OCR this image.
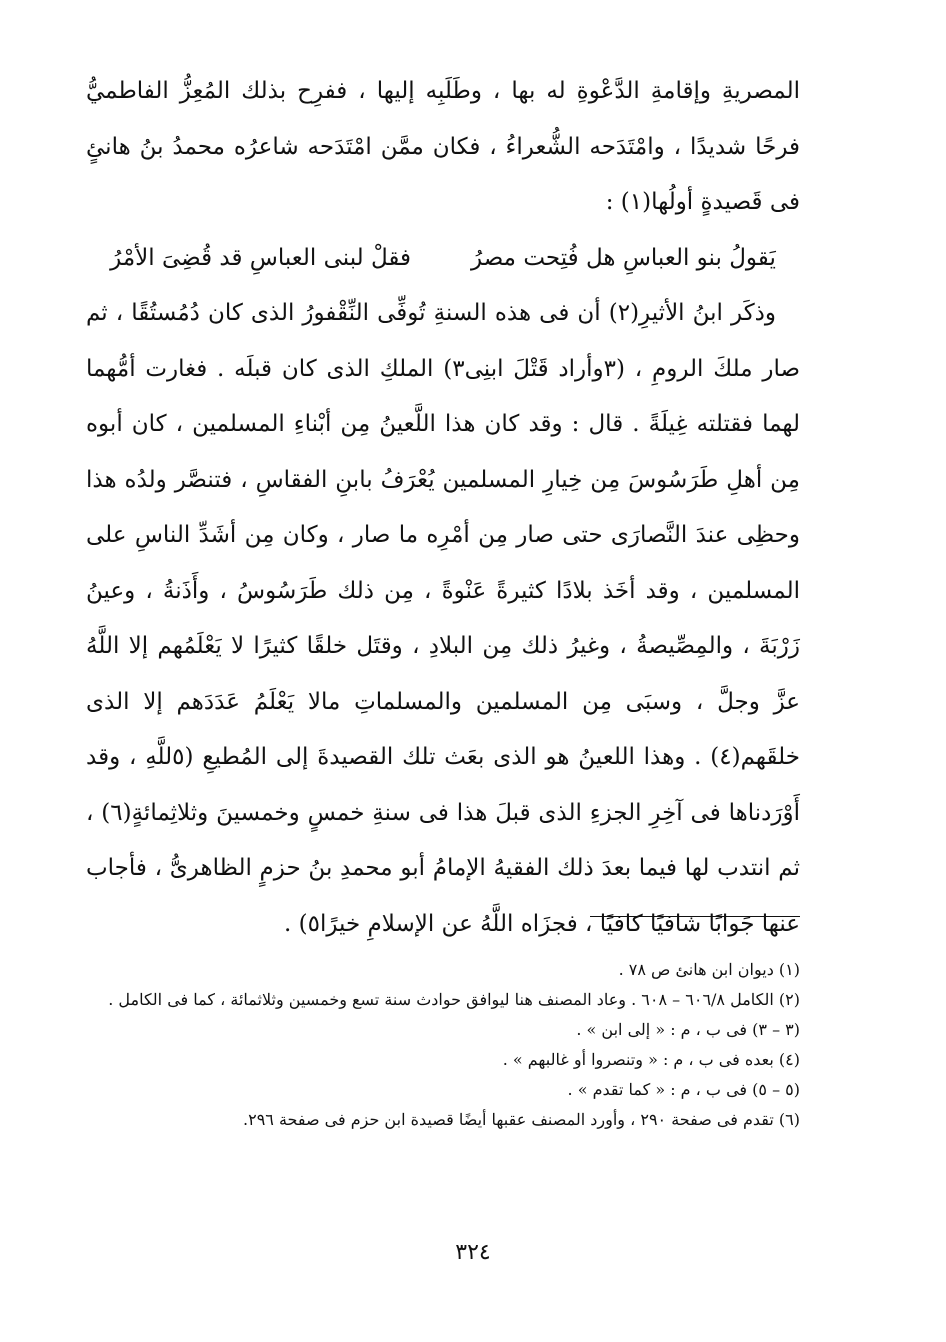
المصريةِ وإقامةِ الدَّعْوةِ له بها ، وطَلَبِه إليها ، ففرِح بذلك المُعِزُّ الفاطميُّ فرحًا شديدًا ، وامْتَدَحه الشُّعراءُ ، فكان ممَّن امْتَدَحه شاعرُه محمدُ بنُ هانئٍ فى قَصيدةٍ أولُها(١) :

يَقولُ بنو العباسِ هل فُتِحت مصرُ
فقلْ لبنى العباسِ قد قُضِىَ الأمْرُ

وذكَر ابنُ الأثيرِ(٢) أن فى هذه السنةِ تُوفِّى النِّقْفورُ الذى كان دُمُستُقًا ، ثم صار ملكَ الرومِ ، (٣وأراد قَتْلَ ابنِى٣) الملكِ الذى كان قبلَه . فغارت أمُّهما لهما فقتلته غِيلَةً . قال : وقد كان هذا اللَّعينُ مِن أبْناءِ المسلمين ، كان أبوه مِن أهلِ طَرَسُوسَ مِن خِيارِ المسلمين يُعْرَفُ بابنِ الفقاسِ ، فتنصَّر ولدُه هذا وحظِى عندَ النَّصارَى حتى صار مِن أمْرِه ما صار ، وكان مِن أشَدِّ الناسِ على المسلمين ، وقد أخَذ بلادًا كثيرةً عَنْوةً ، مِن ذلك طَرَسُوسُ ، وأَذَنةُ ، وعينُ زَرْبَةَ ، والمِصِّيصةُ ، وغيرُ ذلك مِن البلادِ ، وقتَل خلقًا كثيرًا لا يَعْلَمُهم إلا اللَّهُ عزَّ وجلَّ ، وسبَى مِن المسلمين والمسلماتِ مالا يَعْلَمُ عَدَدَهم إلا الذى خلقَهم(٤) . وهذا اللعينُ هو الذى بعَث تلك القصيدةَ إلى المُطيعِ (٥للَّهِ ، وقد أَوْرَدناها فى آخِرِ الجزءِ الذى قبلَ هذا فى سنةِ خمسٍ وخمسينَ وثلاثِمائةٍ(٦) ، ثم انتدب لها فيما بعدَ ذلك الفقيهُ الإمامُ أبو محمدِ بنُ حزمٍ الظاهرىُّ ، فأجاب عنها جَوابًا شافيًا كافيًا ، فجزَاه اللَّهُ عن الإسلامِ خيرًا٥) .

(١) ديوان ابن هانئ ص ٧٨ .

(٢) الكامل ٦٠٦/٨ – ٦٠٨ . وعاد المصنف هنا ليوافق حوادث سنة تسع وخمسين وثلاثمائة ، كما فى الكامل .

(٣ – ٣) فى ب ، م : « إلى ابن » .

(٤) بعده فى ب ، م : « وتنصروا أو غالبهم » .

(٥ – ٥) فى ب ، م : « كما تقدم » .

(٦) تقدم فى صفحة ٢٩٠ ، وأورد المصنف عقبها أيضًا قصيدة ابن حزم فى صفحة ٢٩٦.

٣٢٤
